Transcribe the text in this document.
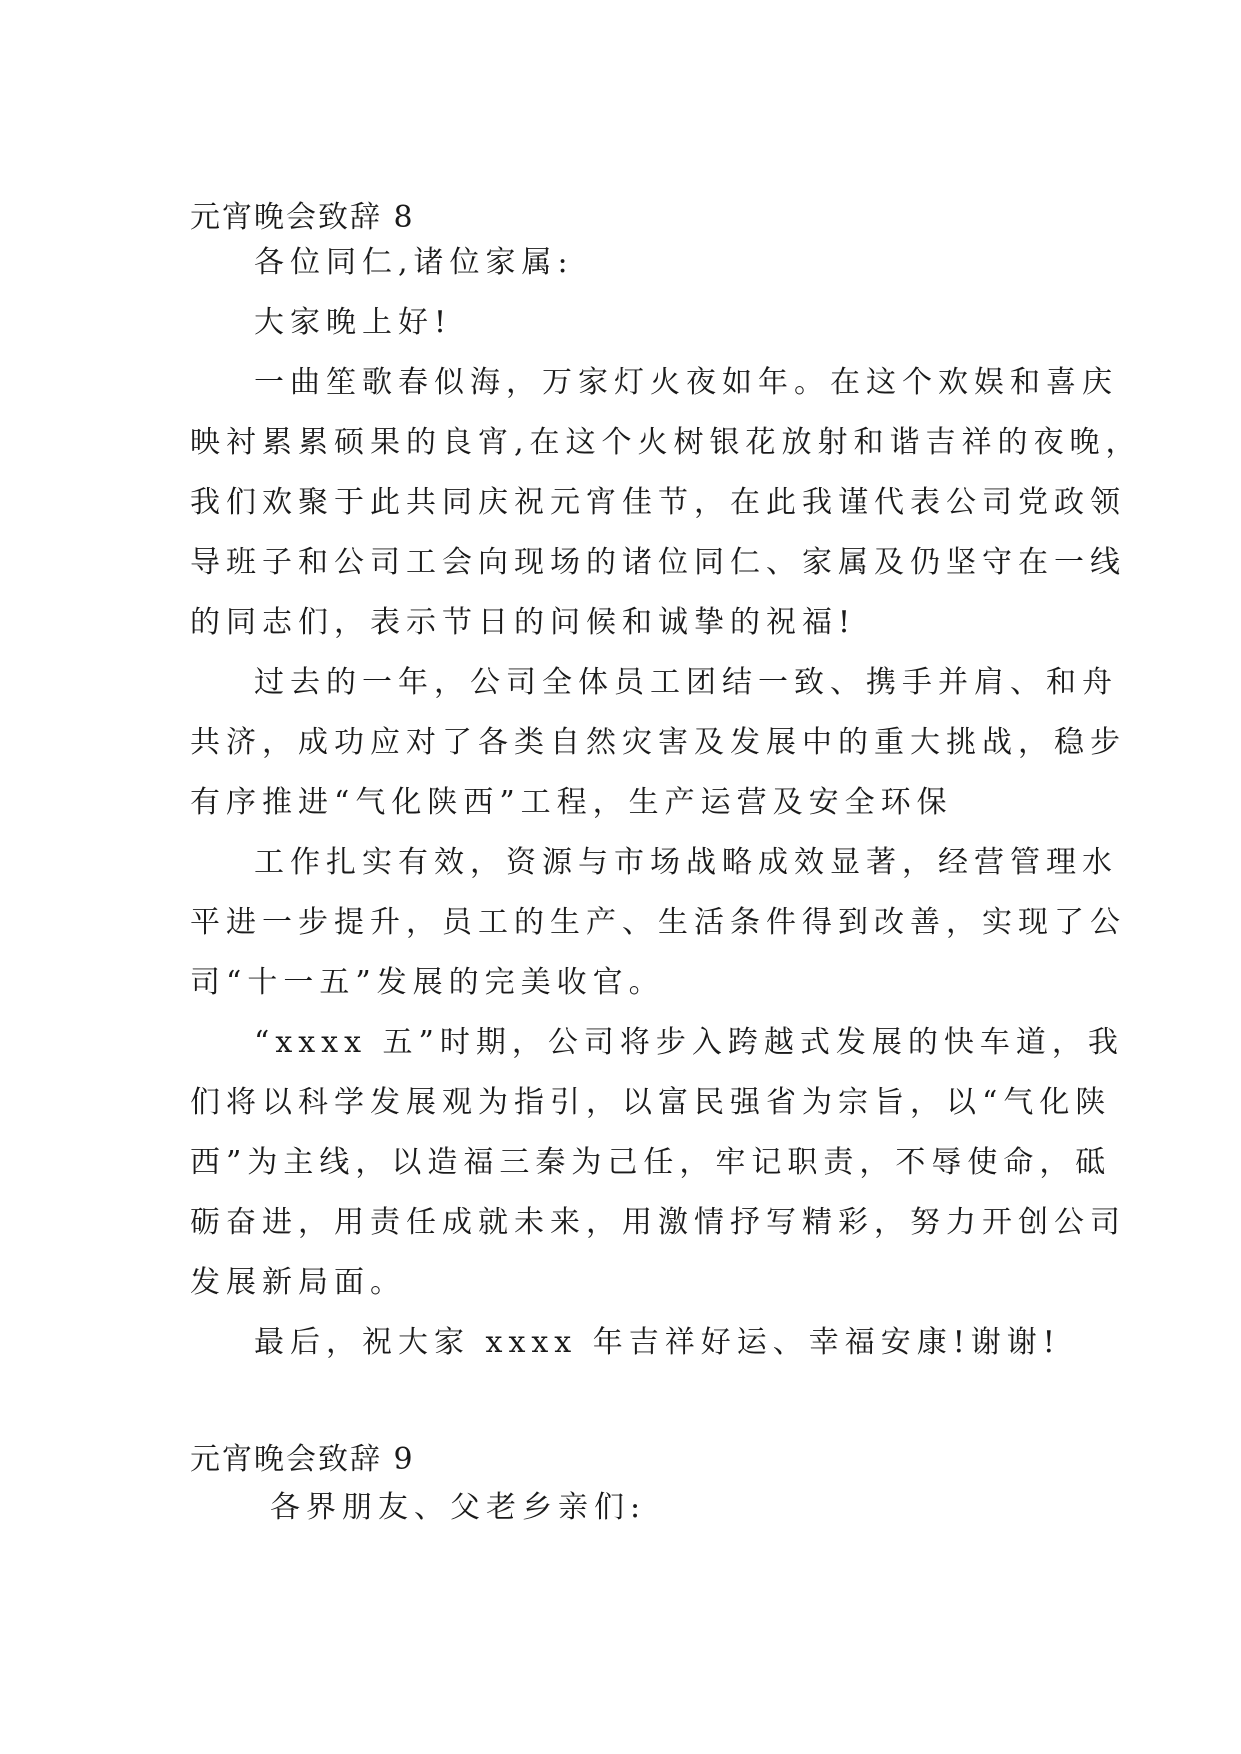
元宵晚会致辞 8
各位同仁,诸位家属:
大家晚上好!
一曲笙歌春似海，万家灯火夜如年。在这个欢娱和喜庆
映衬累累硕果的良宵,在这个火树银花放射和谐吉祥的夜晚，
我们欢聚于此共同庆祝元宵佳节，在此我谨代表公司党政领
导班子和公司工会向现场的诸位同仁、家属及仍坚守在一线
的同志们，表示节日的问候和诚挚的祝福!
过去的一年，公司全体员工团结一致、携手并肩、和舟
共济，成功应对了各类自然灾害及发展中的重大挑战，稳步
有序推进“气化陕西”工程，生产运营及安全环保
工作扎实有效，资源与市场战略成效显著，经营管理水
平进一步提升，员工的生产、生活条件得到改善，实现了公
司“十一五”发展的完美收官。
“xxxx 五”时期，公司将步入跨越式发展的快车道，我
们将以科学发展观为指引，以富民强省为宗旨，以“气化陕
西”为主线，以造福三秦为己任，牢记职责，不辱使命，砥
砺奋进，用责任成就未来，用激情抒写精彩，努力开创公司
发展新局面。
最后，祝大家 xxxx 年吉祥好运、幸福安康!谢谢!
元宵晚会致辞 9
各界朋友、父老乡亲们:
